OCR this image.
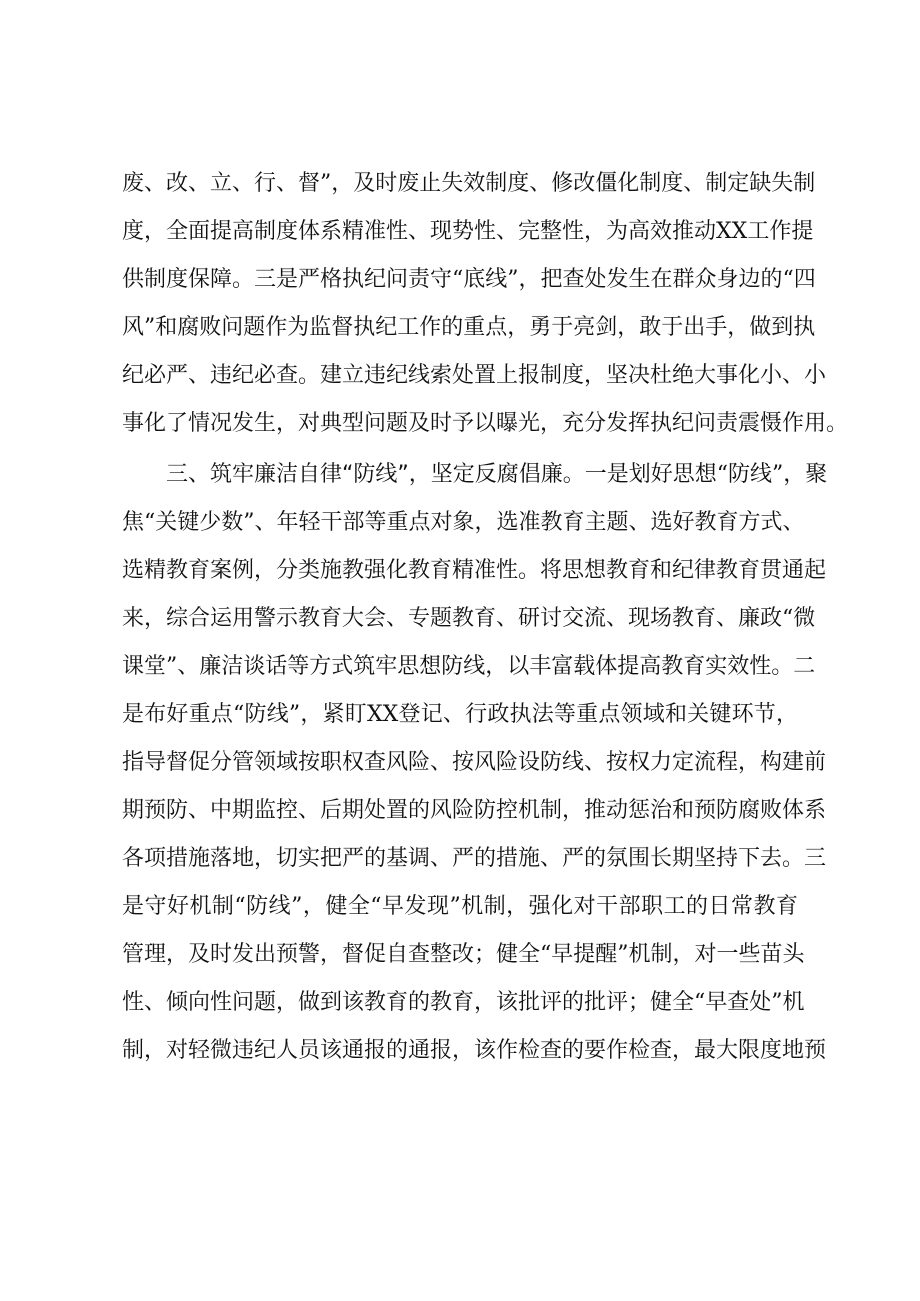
废、改、立、行、督”，及时废止失效制度、修改僵化制度、制定缺失制
度，全面提高制度体系精准性、现势性、完整性，为高效推动XX工作提
供制度保障。三是严格执纪问责守“底线”，把查处发生在群众身边的“四
风”和腐败问题作为监督执纪工作的重点，勇于亮剑，敢于出手，做到执
纪必严、违纪必查。建立违纪线索处置上报制度，坚决杜绝大事化小、小
事化了情况发生，对典型问题及时予以曝光，充分发挥执纪问责震慑作用。
三、筑牢廉洁自律“防线”，坚定反腐倡廉。一是划好思想“防线”，聚
焦“关键少数”、年轻干部等重点对象，选准教育主题、选好教育方式、
选精教育案例，分类施教强化教育精准性。将思想教育和纪律教育贯通起
来，综合运用警示教育大会、专题教育、研讨交流、现场教育、廉政“微
课堂”、廉洁谈话等方式筑牢思想防线，以丰富载体提高教育实效性。二
是布好重点“防线”，紧盯XX登记、行政执法等重点领域和关键环节，
指导督促分管领域按职权查风险、按风险设防线、按权力定流程，构建前
期预防、中期监控、后期处置的风险防控机制，推动惩治和预防腐败体系
各项措施落地，切实把严的基调、严的措施、严的氛围长期坚持下去。三
是守好机制“防线”，健全“早发现”机制，强化对干部职工的日常教育
管理，及时发出预警，督促自查整改；健全“早提醒”机制，对一些苗头
性、倾向性问题，做到该教育的教育，该批评的批评；健全“早查处”机
制，对轻微违纪人员该通报的通报，该作检查的要作检查，最大限度地预
